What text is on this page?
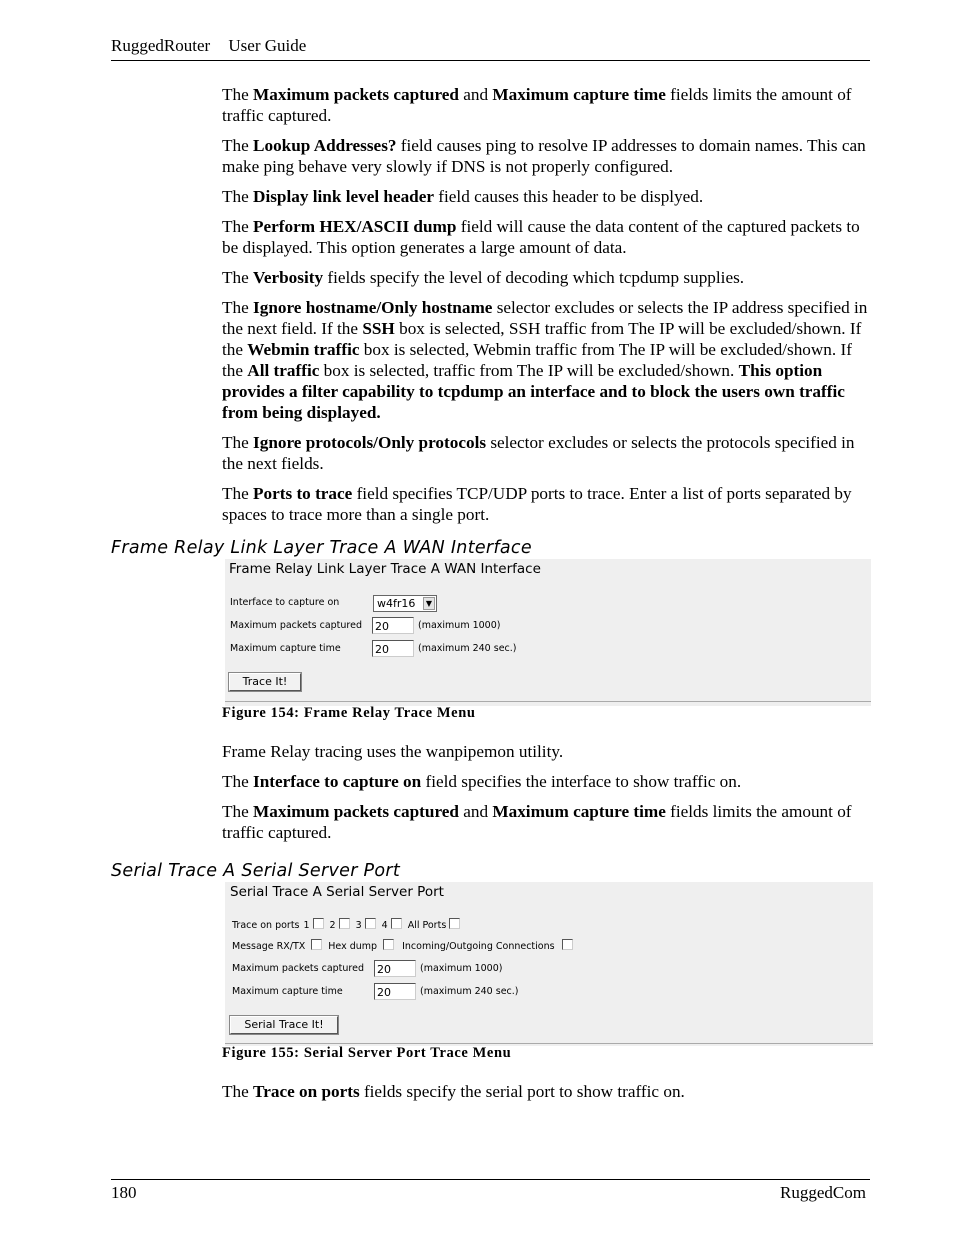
RuggedRouter User Guide

The Maximum packets captured and Maximum capture time fields limits the amount of traffic captured.

The Lookup Addresses? field causes ping to resolve IP addresses to domain names. This can make ping behave very slowly if DNS is not properly configured.

The Display link level header field causes this header to be displyed.

The Perform HEX/ASCII dump field will cause the data content of the captured packets to be displayed. This option generates a large amount of data.

The Verbosity fields specify the level of decoding which tcpdump supplies.

The Ignore hostname/Only hostname selector excludes or selects the IP address specified in the next field. If the SSH box is selected, SSH traffic from The IP will be excluded/shown. If the Webmin traffic box is selected, Webmin traffic from The IP will be excluded/shown. If the All traffic box is selected, traffic from The IP will be excluded/shown. This option provides a filter capability to tcpdump an interface and to block the users own traffic from being displayed.

The Ignore protocols/Only protocols selector excludes or selects the protocols specified in the next fields.

The Ports to trace field specifies TCP/UDP ports to trace. Enter a list of ports separated by spaces to trace more than a single port.

Frame Relay Link Layer Trace A WAN Interface
Frame Relay Link Layer Trace A WAN Interface
Interface to capture on	w4fr16	▼
Maximum packets captured 20	(maximum 1000)
Maximum capture time	20	(maximum 240 sec.)
Trace It!
Figure 154: Frame Relay Trace Menu

Frame Relay tracing uses the wanpipemon utility.

The Interface to capture on field specifies the interface to show traffic on.

The Maximum packets captured and Maximum capture time fields limits the amount of traffic captured.

Serial Trace A Serial Server Port
Serial Trace A Serial Server Port
Trace on ports 1 2 3 4 All Ports
Message RX/TX Hex dump	Incoming/Outgoing Connections
Maximum packets captured 20	(maximum 1000)
Maximum capture time	20	(maximum 240 sec.)
Serial Trace It!
Figure 155: Serial Server Port Trace Menu

The Trace on ports fields specify the serial port to show traffic on.

180	RuggedCom
